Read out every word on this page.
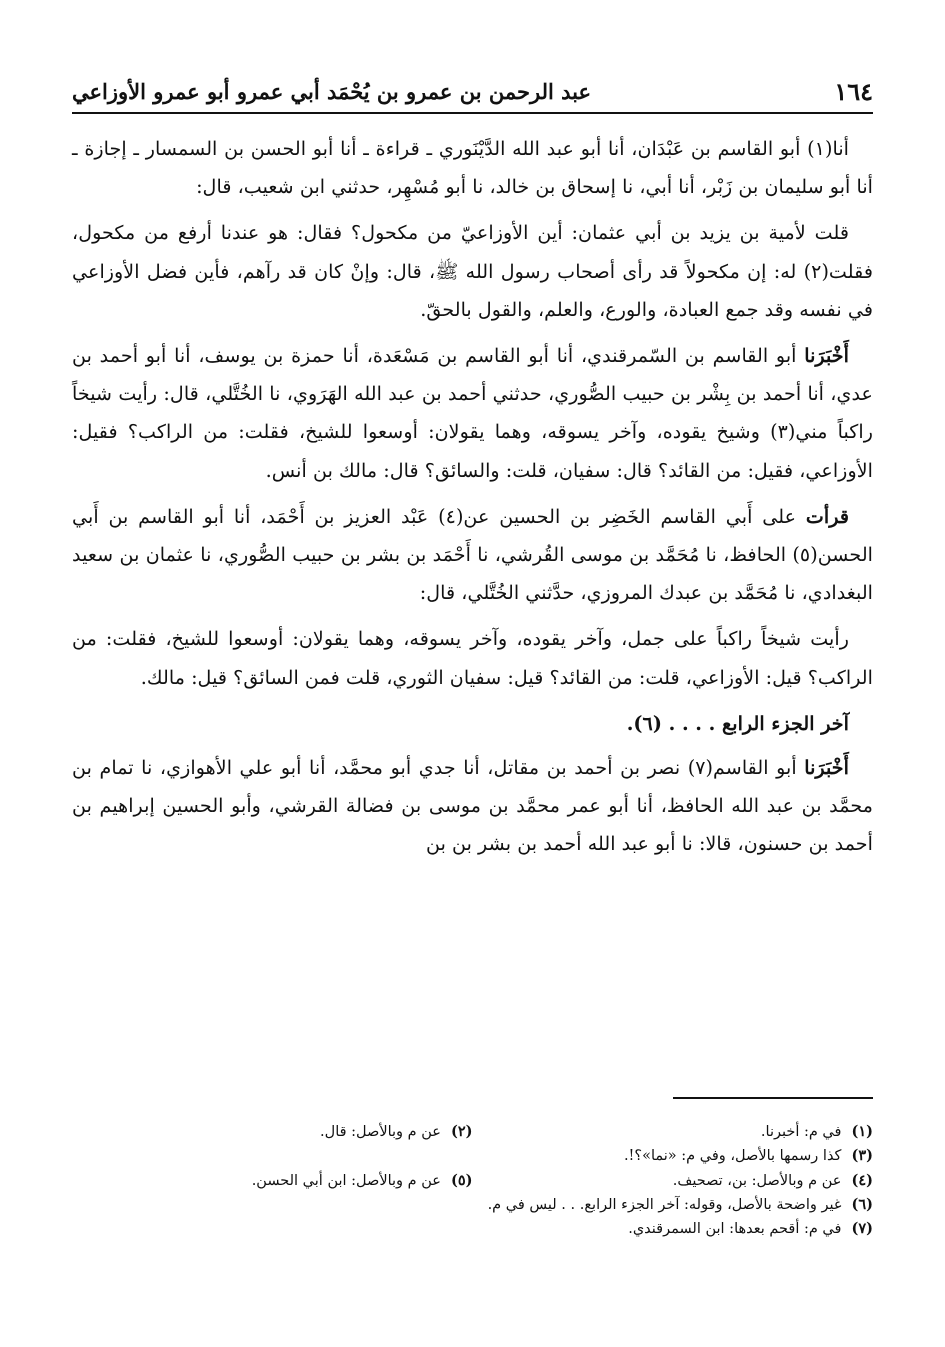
١٦٤
عبد الرحمن بن عمرو بن يُحْمَد أبي عمرو أبو عمرو الأوزاعي

أنا(١) أبو القاسم بن عَبْدَان، أنا أبو عبد الله الدَّيْنَوري ـ قراءة ـ أنا أبو الحسن بن السمسار ـ إجازة ـ أنا أبو سليمان بن زَبْر، أنا أبي، نا إسحاق بن خالد، نا أبو مُسْهِر، حدثني ابن شعيب، قال:

قلت لأمية بن يزيد بن أبي عثمان: أين الأوزاعيّ من مكحول؟ فقال: هو عندنا أرفع من مكحول، فقلت(٢) له: إن مكحولاً قد رأى أصحاب رسول الله ﷺ، قال: وإنْ كان قد رآهم، فأين فضل الأوزاعي في نفسه وقد جمع العبادة، والورع، والعلم، والقول بالحقّ.

أَخْبَرَنا أبو القاسم بن السّمرقندي، أنا أبو القاسم بن مَسْعَدة، أنا حمزة بن يوسف، أنا أبو أحمد بن عدي، أنا أحمد بن بِشْر بن حبيب الصُّوري، حدثني أحمد بن عبد الله الهَرَوي، نا الخُتَّلي، قال: رأيت شيخاً راكباً مني(٣) وشيخ يقوده، وآخر يسوقه، وهما يقولان: أوسعوا للشيخ، فقلت: من الراكب؟ فقيل: الأوزاعي، فقيل: من القائد؟ قال: سفيان، قلت: والسائق؟ قال: مالك بن أنس.

قرأت على أَبي القاسم الخَضِر بن الحسين عن(٤) عَبْد العزيز بن أَحْمَد، أنا أبو القاسم بن أَبي الحسن(٥) الحافظ، نا مُحَمَّد بن موسى القُرشي، نا أَحْمَد بن بشر بن حبيب الصُّوري، نا عثمان بن سعيد البغدادي، نا مُحَمَّد بن عبدك المروزي، حدَّثني الخُتَّلي، قال:

رأيت شيخاً راكباً على جمل، وآخر يقوده، وآخر يسوقه، وهما يقولان: أوسعوا للشيخ، فقلت: من الراكب؟ قيل: الأوزاعي، قلت: من القائد؟ قيل: سفيان الثوري، قلت فمن السائق؟ قيل: مالك.

آخر الجزء الرابع . . . . (٦).

أَخْبَرَنا أبو القاسم(٧) نصر بن أحمد بن مقاتل، أنا جدي أبو محمَّد، أنا أبو علي الأهوازي، نا تمام بن محمَّد بن عبد الله الحافظ، أنا أبو عمر محمَّد بن موسى بن فضالة القرشي، وأبو الحسين إبراهيم بن أحمد بن حسنون، قالا: نا أبو عبد الله أحمد بن بشر بن بن

(١)
في م: أخبرنا.
(٢)
عن م وبالأصل: قال.
(٣)
كذا رسمها بالأصل، وفي م: «نما»؟!.
(٤)
عن م وبالأصل: بن، تصحيف.
(٥)
عن م وبالأصل: ابن أبي الحسن.
(٦)
غير واضحة بالأصل، وقوله: آخر الجزء الرابع. . . ليس في م.
(٧)
في م: أقحم بعدها: ابن السمرقندي.
